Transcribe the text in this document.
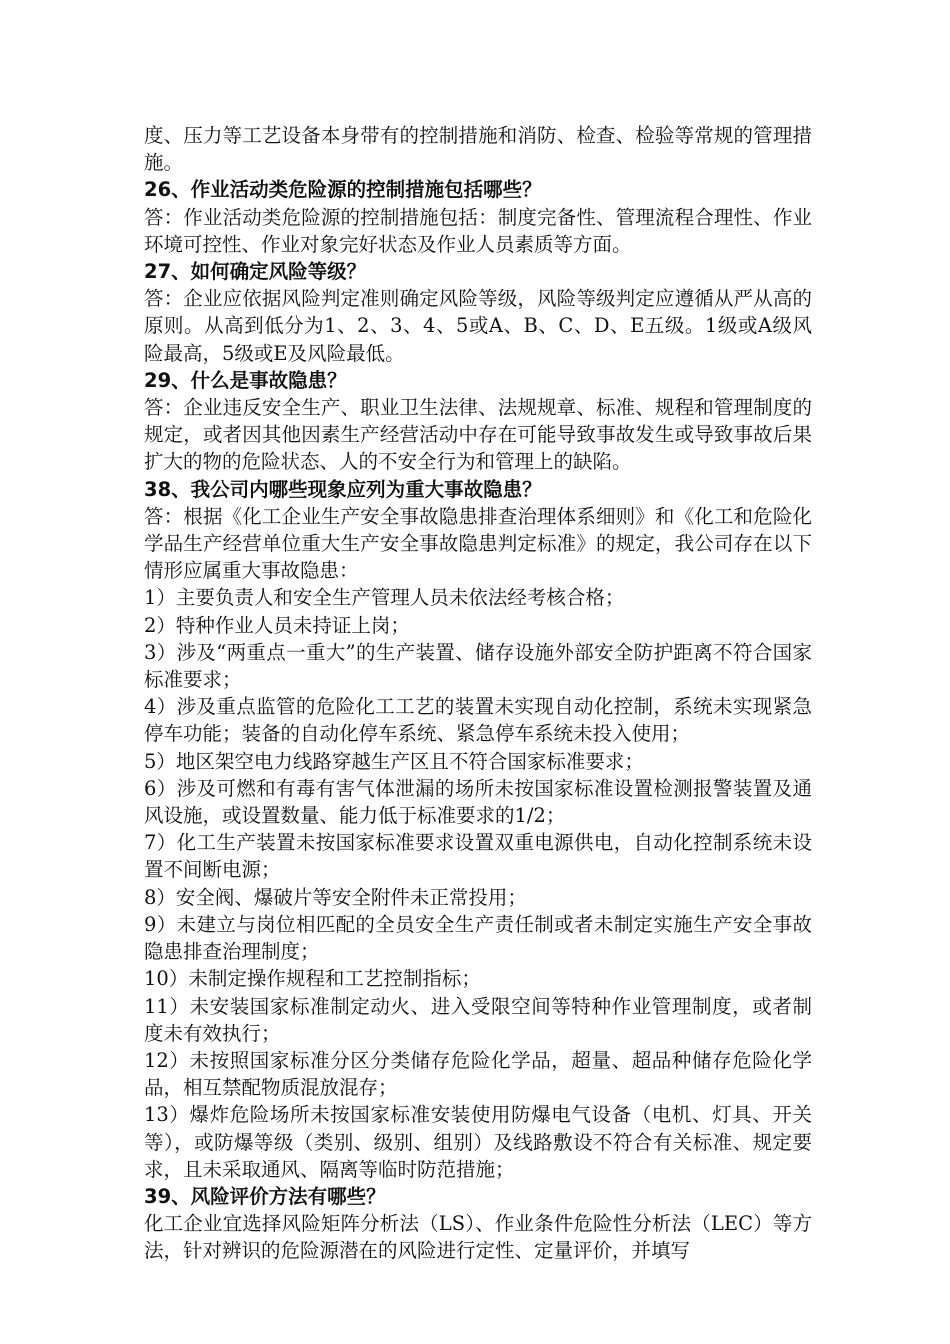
度、压力等工艺设备本身带有的控制措施和消防、检查、检验等常规的管理措施。

26、作业活动类危险源的控制措施包括哪些？

答：作业活动类危险源的控制措施包括：制度完备性、管理流程合理性、作业环境可控性、作业对象完好状态及作业人员素质等方面。

27、如何确定风险等级？

答：企业应依据风险判定准则确定风险等级，风险等级判定应遵循从严从高的原则。从高到低分为1、2、3、4、5或A、B、C、D、E五级。1级或A级风险最高，5级或E及风险最低。

29、什么是事故隐患？

答：企业违反安全生产、职业卫生法律、法规规章、标准、规程和管理制度的规定，或者因其他因素生产经营活动中存在可能导致事故发生或导致事故后果扩大的物的危险状态、人的不安全行为和管理上的缺陷。

38、我公司内哪些现象应列为重大事故隐患？

答：根据《化工企业生产安全事故隐患排查治理体系细则》和《化工和危险化学品生产经营单位重大生产安全事故隐患判定标准》的规定，我公司存在以下情形应属重大事故隐患：

1）主要负责人和安全生产管理人员未依法经考核合格；

2）特种作业人员未持证上岗；

3）涉及“两重点一重大”的生产装置、储存设施外部安全防护距离不符合国家标准要求；

4）涉及重点监管的危险化工工艺的装置未实现自动化控制，系统未实现紧急停车功能；装备的自动化停车系统、紧急停车系统未投入使用；

5）地区架空电力线路穿越生产区且不符合国家标准要求；

6）涉及可燃和有毒有害气体泄漏的场所未按国家标准设置检测报警装置及通风设施，或设置数量、能力低于标准要求的1/2；

7）化工生产装置未按国家标准要求设置双重电源供电，自动化控制系统未设置不间断电源；

8）安全阀、爆破片等安全附件未正常投用；

9）未建立与岗位相匹配的全员安全生产责任制或者未制定实施生产安全事故隐患排查治理制度；

10）未制定操作规程和工艺控制指标；

11）未安装国家标准制定动火、进入受限空间等特种作业管理制度，或者制度未有效执行；

12）未按照国家标准分区分类储存危险化学品，超量、超品种储存危险化学品，相互禁配物质混放混存；

13）爆炸危险场所未按国家标准安装使用防爆电气设备（电机、灯具、开关等），或防爆等级（类别、级别、组别）及线路敷设不符合有关标准、规定要求，且未采取通风、隔离等临时防范措施；

39、风险评价方法有哪些？

化工企业宜选择风险矩阵分析法（LS）、作业条件危险性分析法（LEC）等方法，针对辨识的危险源潜在的风险进行定性、定量评价，并填写
